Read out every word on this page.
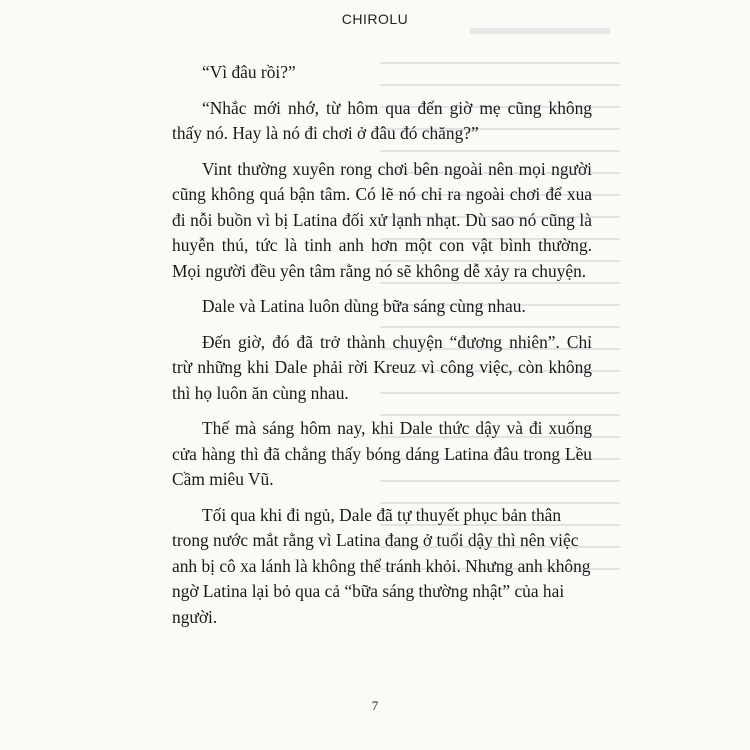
CHIROLU

“Vì đâu rồi?”

“Nhắc mới nhớ, từ hôm qua đến giờ mẹ cũng không thấy nó. Hay là nó đi chơi ở đâu đó chăng?”

Vint thường xuyên rong chơi bên ngoài nên mọi người cũng không quá bận tâm. Có lẽ nó chỉ ra ngoài chơi để xua đi nỗi buồn vì bị Latina đối xử lạnh nhạt. Dù sao nó cũng là huyễn thú, tức là tinh anh hơn một con vật bình thường. Mọi người đều yên tâm rằng nó sẽ không dễ xảy ra chuyện.

Dale và Latina luôn dùng bữa sáng cùng nhau.

Đến giờ, đó đã trở thành chuyện “đương nhiên”. Chỉ trừ những khi Dale phải rời Kreuz vì công việc, còn không thì họ luôn ăn cùng nhau.

Thế mà sáng hôm nay, khi Dale thức dậy và đi xuống cửa hàng thì đã chẳng thấy bóng dáng Latina đâu trong Lều Cầm miêu Vũ.

Tối qua khi đi ngủ, Dale đã tự thuyết phục bản thân trong nước mắt rằng vì Latina đang ở tuổi dậy thì nên việc anh bị cô xa lánh là không thể tránh khỏi. Nhưng anh không ngờ Latina lại bỏ qua cả “bữa sáng thường nhật” của hai người.

7
